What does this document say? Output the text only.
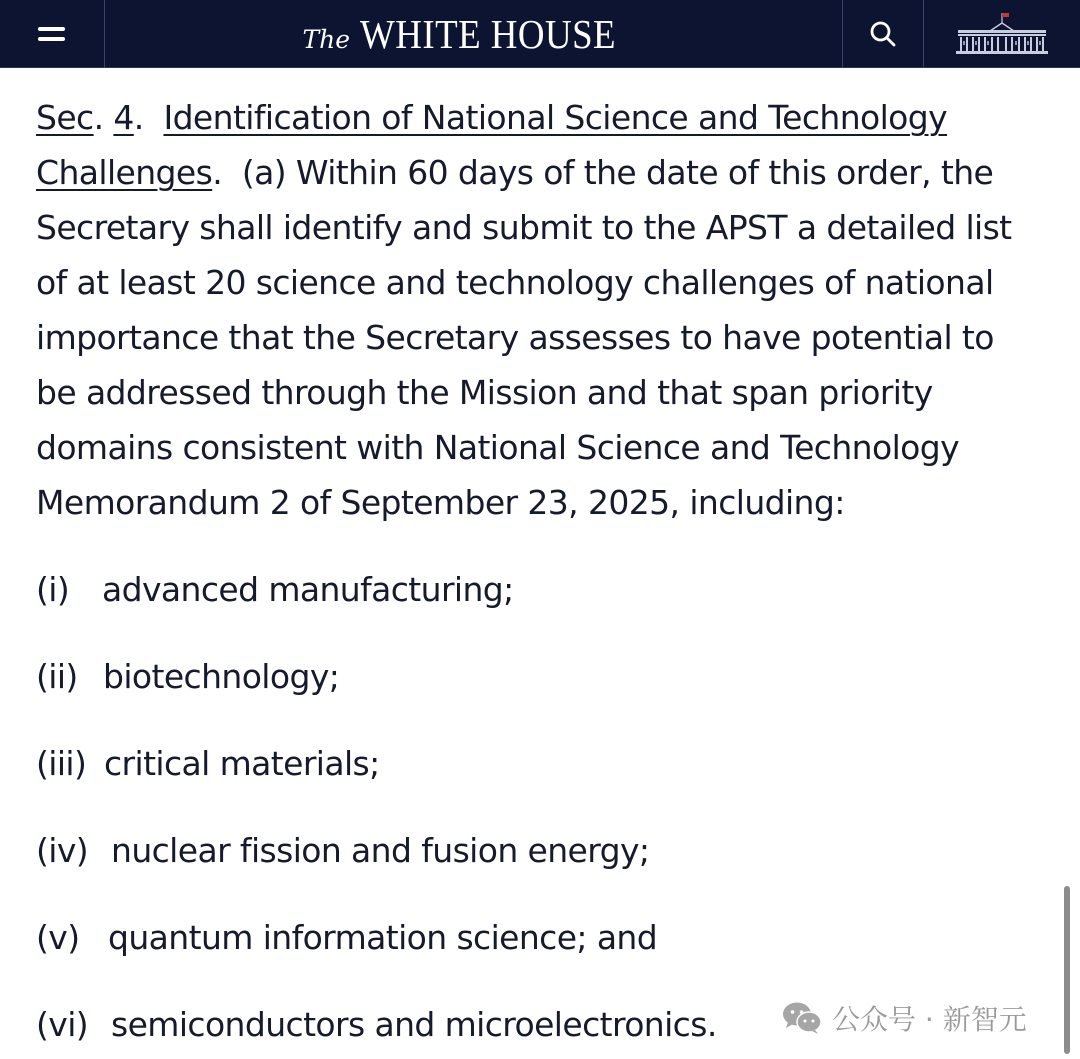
The WHITE HOUSE

Sec. 4.  Identification of National Science and Technology

Challenges.  (a) Within 60 days of the date of this order, the

Secretary shall identify and submit to the APST a detailed list

of at least 20 science and technology challenges of national

importance that the Secretary assesses to have potential to

be addressed through the Mission and that span priority

domains consistent with National Science and Technology

Memorandum 2 of September 23, 2025, including:

(i) advanced manufacturing;
(ii) biotechnology;
(iii) critical materials;
(iv) nuclear fission and fusion energy;
(v) quantum information science; and
(vi) semiconductors and microelectronics.	公众号 · 新智元
